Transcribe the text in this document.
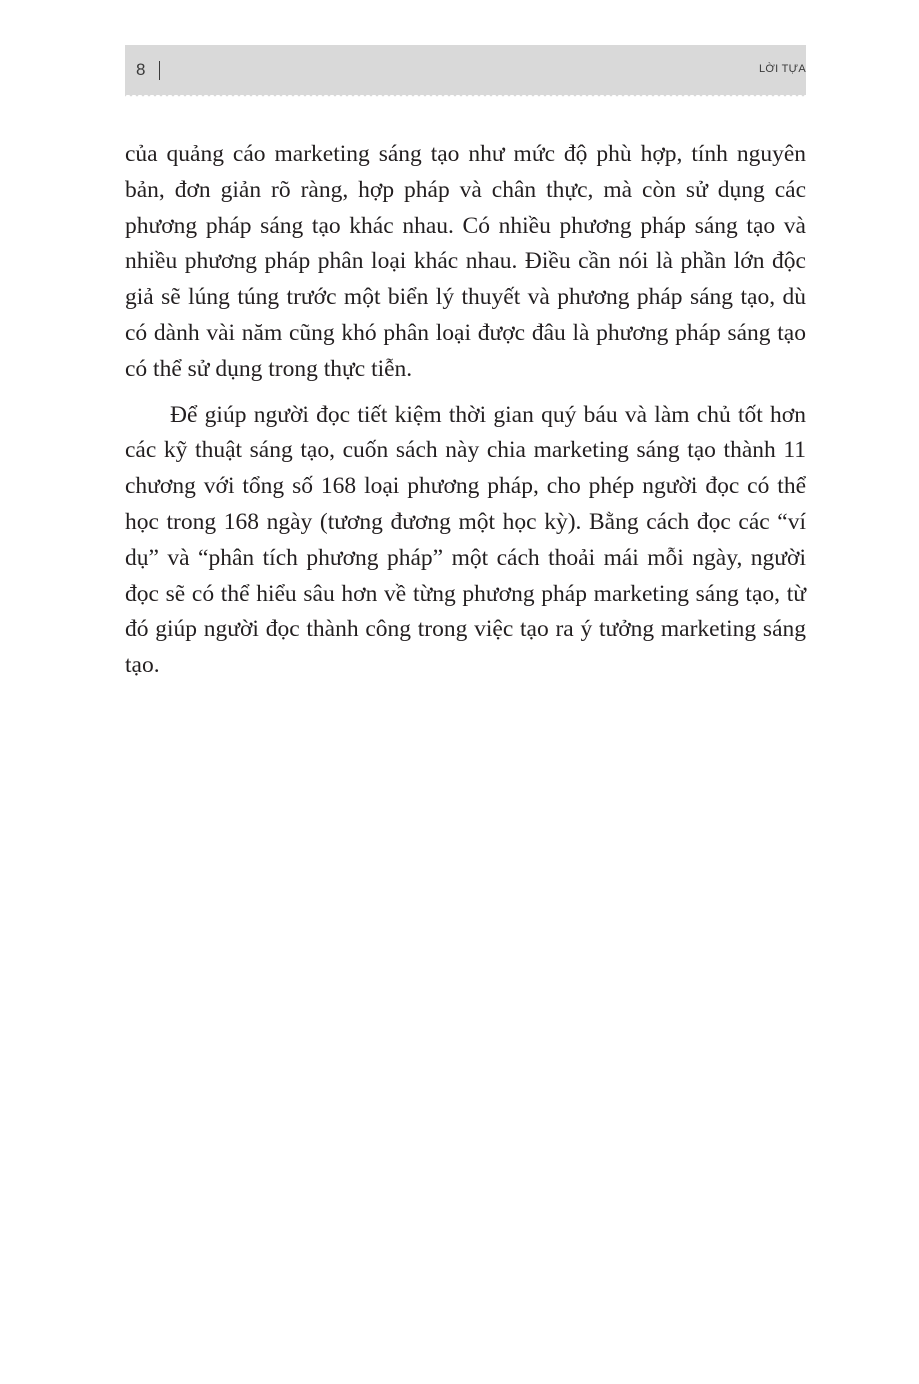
8	LỜI TỰA

của quảng cáo marketing sáng tạo như mức độ phù hợp, tính nguyên bản, đơn giản rõ ràng, hợp pháp và chân thực, mà còn sử dụng các phương pháp sáng tạo khác nhau. Có nhiều phương pháp sáng tạo và nhiều phương pháp phân loại khác nhau. Điều cần nói là phần lớn độc giả sẽ lúng túng trước một biển lý thuyết và phương pháp sáng tạo, dù có dành vài năm cũng khó phân loại được đâu là phương pháp sáng tạo có thể sử dụng trong thực tiễn.

Để giúp người đọc tiết kiệm thời gian quý báu và làm chủ tốt hơn các kỹ thuật sáng tạo, cuốn sách này chia marketing sáng tạo thành 11 chương với tổng số 168 loại phương pháp, cho phép người đọc có thể học trong 168 ngày (tương đương một học kỳ). Bằng cách đọc các “ví dụ” và “phân tích phương pháp” một cách thoải mái mỗi ngày, người đọc sẽ có thể hiểu sâu hơn về từng phương pháp marketing sáng tạo, từ đó giúp người đọc thành công trong việc tạo ra ý tưởng marketing sáng tạo.
